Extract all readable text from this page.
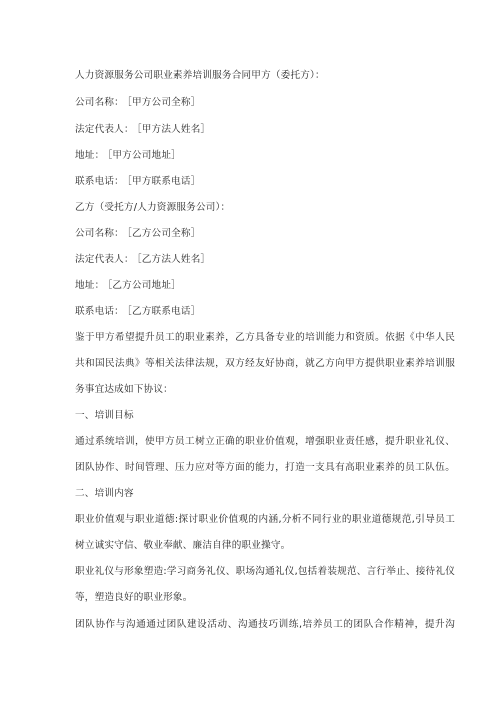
人力资源服务公司职业素养培训服务合同甲方（委托方）：
公司名称： ［甲方公司全称］
法定代表人： ［甲方法人姓名］
地址： ［甲方公司地址］
联系电话： ［甲方联系电话］
乙方（受托方/人力资源服务公司）：
公司名称： ［乙方公司全称］
法定代表人： ［乙方法人姓名］
地址： ［乙方公司地址］
联系电话： ［乙方联系电话］
鉴于甲方希望提升员工的职业素养，乙方具备专业的培训能力和资质。依据《中华人民
共和国民法典》等相关法律法规，双方经友好协商，就乙方向甲方提供职业素养培训服
务事宜达成如下协议：
一、培训目标
通过系统培训，使甲方员工树立正确的职业价值观，增强职业责任感，提升职业礼仪、
团队协作、时间管理、压力应对等方面的能力，打造一支具有高职业素养的员工队伍。
二、培训内容
职业价值观与职业道德:探讨职业价值观的内涵,分析不同行业的职业道德规范,引导员工
树立诚实守信、敬业奉献、廉洁自律的职业操守。
职业礼仪与形象塑造:学习商务礼仪、职场沟通礼仪,包括着装规范、言行举止、接待礼仪
等，塑造良好的职业形象。
团队协作与沟通通过团队建设活动、沟通技巧训练,培养员工的团队合作精神，提升沟
